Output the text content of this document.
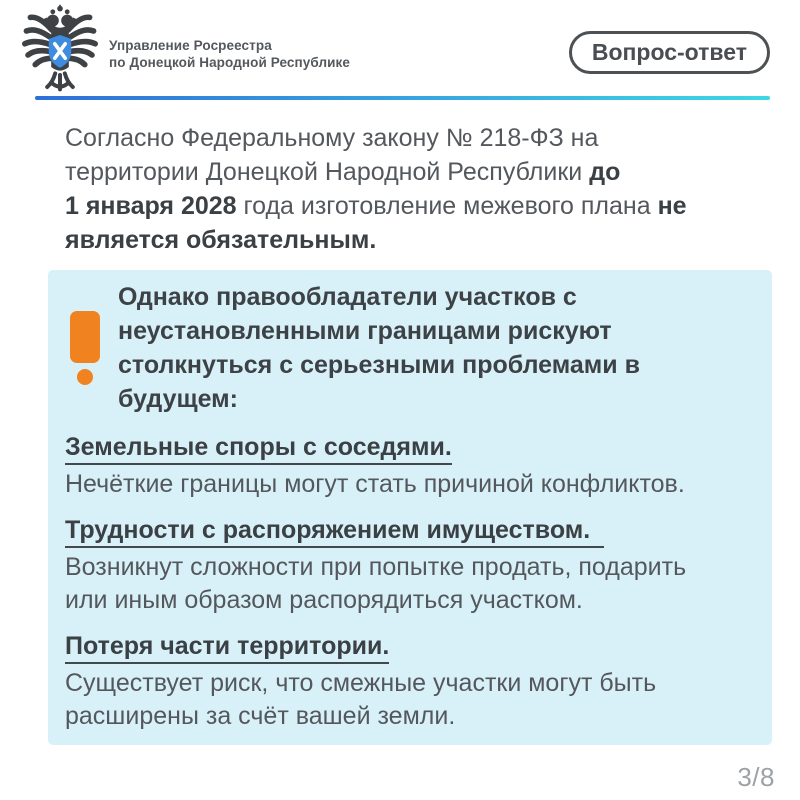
Управление Росреестра
по Донецкой Народной Республике	Вопрос-ответ
Согласно Федеральному закону № 218-ФЗ на
территории Донецкой Народной Республики до
1 января 2028 года изготовление межевого плана не
является обязательным.
Однако правообладатели участков с
неустановленными границами рискуют
столкнуться с серьезными проблемами в
будущем:
Земельные споры с соседями.
Нечёткие границы могут стать причиной конфликтов.
Трудности с распоряжением имуществом.
Возникнут сложности при попытке продать, подарить
или иным образом распорядиться участком.
Потеря части территории.
Существует риск, что смежные участки могут быть
расширены за счёт вашей земли.
3/8
